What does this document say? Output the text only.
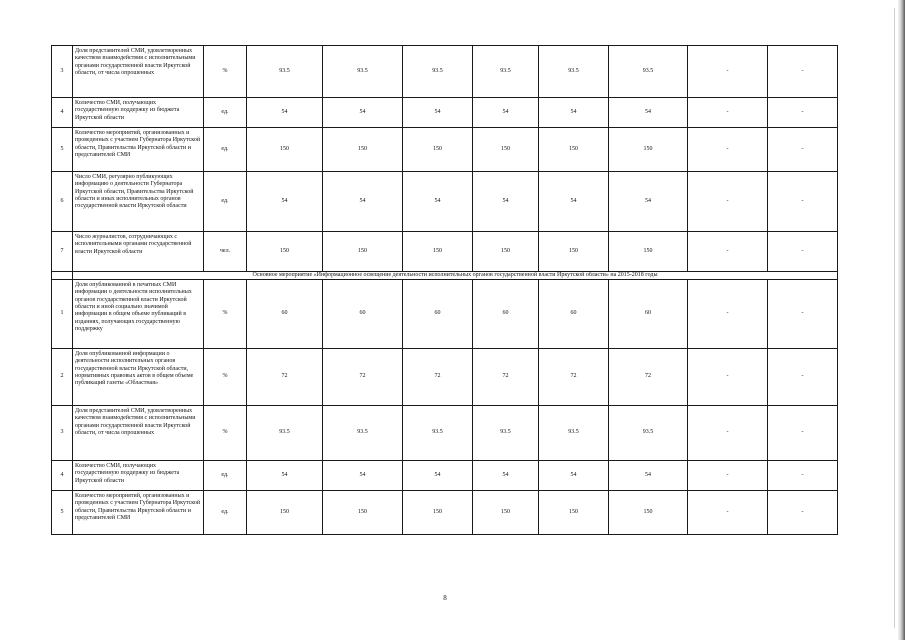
3	Доля представителей СМИ, удовлетворенных качеством взаимодействия с исполнительными органами государственной власти Иркутской области, от числа опрошенных	%	93.5	93.5	93.5	93.5	93.5	93.5	-	-
4	Количество СМИ, получающих государственную поддержку из бюджета Иркутской области	ед.	54	54	54	54	54	54	-	-
5	Количество мероприятий, организованных и проведенных с участием Губернатора Иркутской области, Правительства Иркутской области и представителей СМИ	ед.	150	150	150	150	150	150	-	-
6	Число СМИ, регулярно публикующих информацию о деятельности Губернатора Иркутской области, Правительства Иркутской области и иных исполнительных органов государственной власти Иркутской области	ед.	54	54	54	54	54	54	-	-
7	Число журналистов, сотрудничающих с исполнительными органами государственной власти Иркутской области	чел.	150	150	150	150	150	150	-	-
	Основное мероприятие «Информационное освещение деятельности исполнительных органов государственной власти Иркутской области» на 2015-2018 годы									
1	Доля опубликованной в печатных СМИ информации о деятельности исполнительных органов государственной власти Иркутской области и иной социально значимой информации в общем объеме публикаций в изданиях, получающих государственную поддержку	%	60	60	60	60	60	60	-	-
2	Доля опубликованной информации о деятельности исполнительных органов государственной власти Иркутской области, нормативных правовых актов в общем объеме публикаций газеты «Областная»	%	72	72	72	72	72	72	-	-
3	Доля представителей СМИ, удовлетворенных качеством взаимодействия с исполнительными органами государственной власти Иркутской области, от числа опрошенных	%	93.5	93.5	93.5	93.5	93.5	93.5	-	-
4	Количество СМИ, получающих государственную поддержку из бюджета Иркутской области	ед.	54	54	54	54	54	54	-	-
5	Количество мероприятий, организованных и проведенных с участием Губернатора Иркутской области, Правительства Иркутской области и представителей СМИ	ед.	150	150	150	150	150	150	-	-
8
